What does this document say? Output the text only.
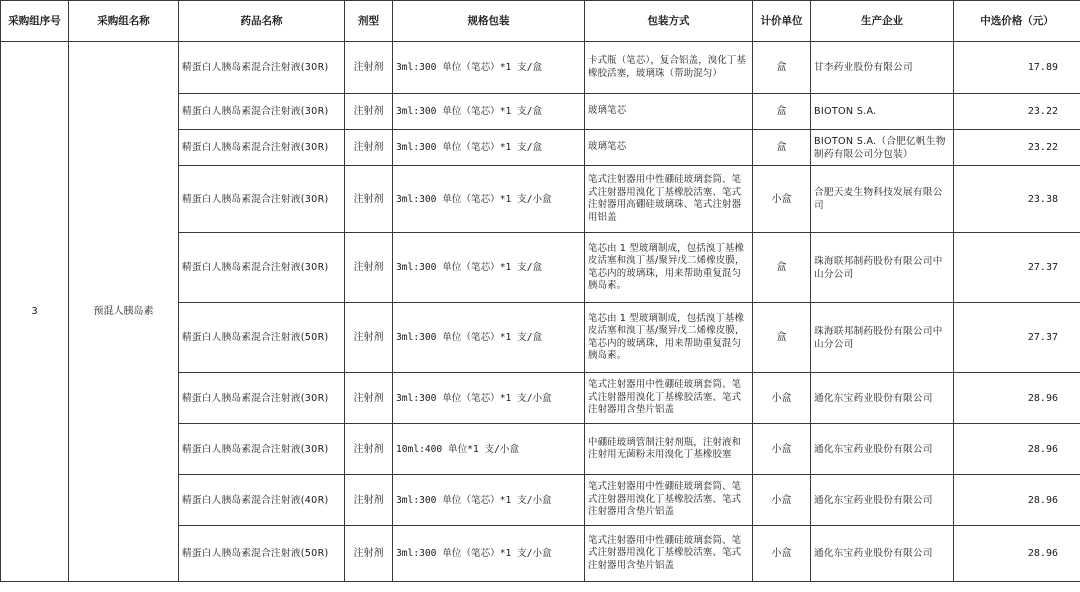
采购组序号	采购组名称	药品名称	剂型	规格包装	包装方式	计价单位	生产企业	中选价格（元）
3	预混人胰岛素	精蛋白人胰岛素混合注射液(30R)	注射剂	3ml:300 单位（笔芯）*1 支/盒	卡式瓶（笔芯），复合铝盖，溴化丁基橡胶活塞，玻璃珠（帮助混匀）	盒	甘李药业股份有限公司	17.89
		精蛋白人胰岛素混合注射液(30R)	注射剂	3ml:300 单位（笔芯）*1 支/盒	玻璃笔芯	盒	BIOTON S.A.	23.22
		精蛋白人胰岛素混合注射液(30R)	注射剂	3ml:300 单位（笔芯）*1 支/盒	玻璃笔芯	盒	BIOTON S.A.（合肥亿帆生物制药有限公司分包装）	23.22
		精蛋白人胰岛素混合注射液(30R)	注射剂	3ml:300 单位（笔芯）*1 支/小盒	笔式注射器用中性硼硅玻璃套筒、笔式注射器用溴化丁基橡胶活塞、笔式注射器用高硼硅玻璃珠、笔式注射器用铝盖	小盒	合肥天麦生物科技发展有限公司	23.38
		精蛋白人胰岛素混合注射液(30R)	注射剂	3ml:300 单位（笔芯）*1 支/盒	笔芯由 1 型玻璃制成，包括溴丁基橡皮活塞和溴丁基/聚异戊二烯橡皮膜，笔芯内的玻璃珠，用来帮助重复混匀胰岛素。	盒	珠海联邦制药股份有限公司中山分公司	27.37
		精蛋白人胰岛素混合注射液(50R)	注射剂	3ml:300 单位（笔芯）*1 支/盒	笔芯由 1 型玻璃制成，包括溴丁基橡皮活塞和溴丁基/聚异戊二烯橡皮膜，笔芯内的玻璃珠，用来帮助重复混匀胰岛素。	盒	珠海联邦制药股份有限公司中山分公司	27.37
		精蛋白人胰岛素混合注射液(30R)	注射剂	3ml:300 单位（笔芯）*1 支/小盒	笔式注射器用中性硼硅玻璃套筒、笔式注射器用溴化丁基橡胶活塞、笔式注射器用含垫片铝盖	小盒	通化东宝药业股份有限公司	28.96
		精蛋白人胰岛素混合注射液(30R)	注射剂	10ml:400 单位*1 支/小盒	中硼硅玻璃管制注射剂瓶，注射液和注射用无菌粉末用溴化丁基橡胶塞	小盒	通化东宝药业股份有限公司	28.96
		精蛋白人胰岛素混合注射液(40R)	注射剂	3ml:300 单位（笔芯）*1 支/小盒	笔式注射器用中性硼硅玻璃套筒、笔式注射器用溴化丁基橡胶活塞、笔式注射器用含垫片铝盖	小盒	通化东宝药业股份有限公司	28.96
		精蛋白人胰岛素混合注射液(50R)	注射剂	3ml:300 单位（笔芯）*1 支/小盒	笔式注射器用中性硼硅玻璃套筒、笔式注射器用溴化丁基橡胶活塞、笔式注射器用含垫片铝盖	小盒	通化东宝药业股份有限公司	28.96
